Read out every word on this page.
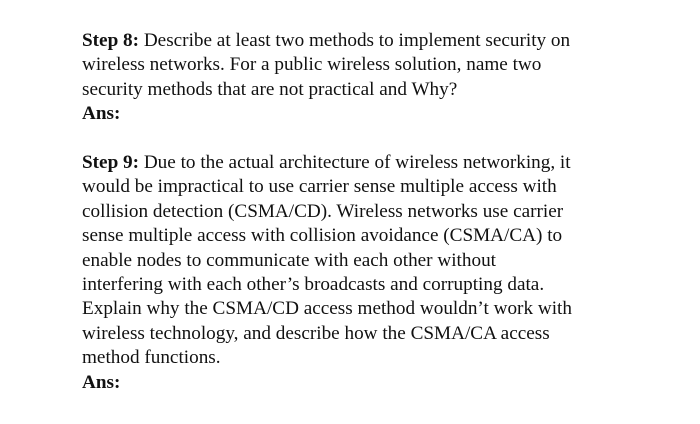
Step 8: Describe at least two methods to implement security on
wireless networks. For a public wireless solution, name two
security methods that are not practical and Why?
Ans:
Step 9: Due to the actual architecture of wireless networking, it
would be impractical to use carrier sense multiple access with
collision detection (CSMA/CD). Wireless networks use carrier
sense multiple access with collision avoidance (CSMA/CA) to
enable nodes to communicate with each other without
interfering with each other’s broadcasts and corrupting data.
Explain why the CSMA/CD access method wouldn’t work with
wireless technology, and describe how the CSMA/CA access
method functions.
Ans:
